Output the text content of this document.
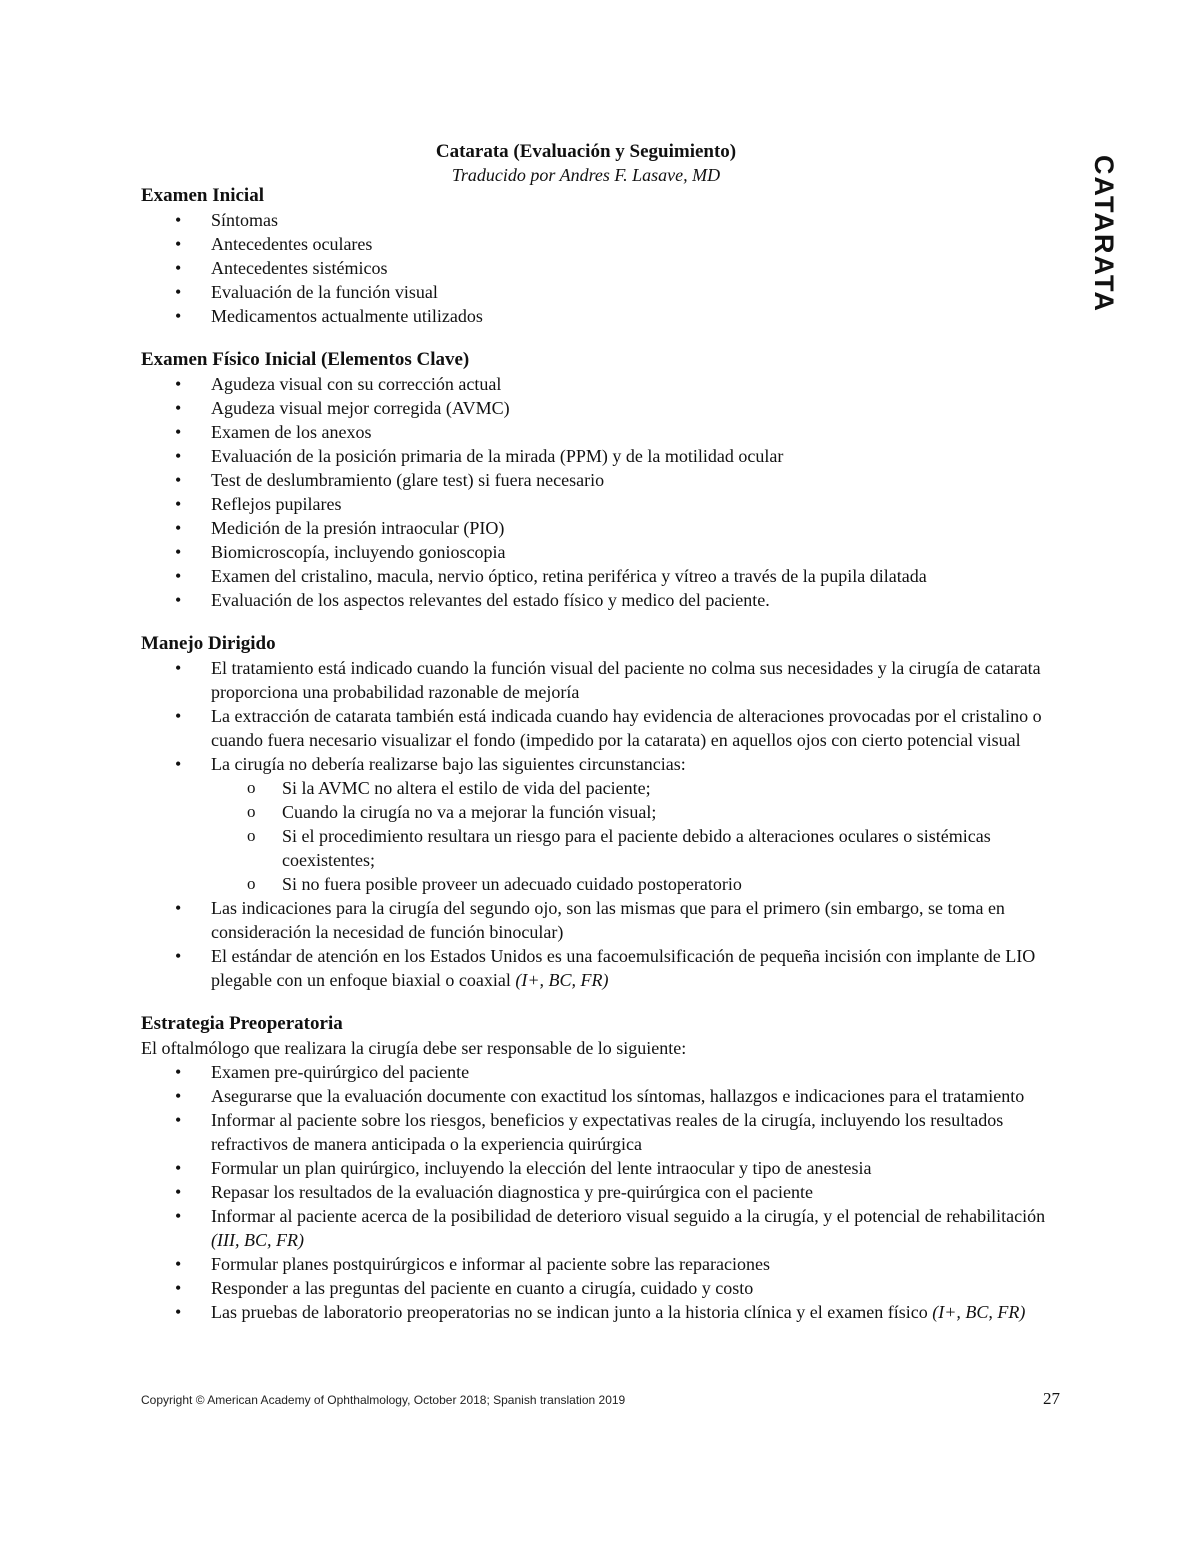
Catarata (Evaluación y Seguimiento)
Traducido por Andres F. Lasave, MD	CATARATA
Examen Inicial
• Síntomas
• Antecedentes oculares
• Antecedentes sistémicos
• Evaluación de la función visual
• Medicamentos actualmente utilizados
Examen Físico Inicial (Elementos Clave)
• Agudeza visual con su corrección actual
• Agudeza visual mejor corregida (AVMC)
• Examen de los anexos
• Evaluación de la posición primaria de la mirada (PPM) y de la motilidad ocular
• Test de deslumbramiento (glare test) si fuera necesario
• Reflejos pupilares
• Medición de la presión intraocular (PIO)
• Biomicroscopía, incluyendo gonioscopia
• Examen del cristalino, macula, nervio óptico, retina periférica y vítreo a través de la pupila dilatada
• Evaluación de los aspectos relevantes del estado físico y medico del paciente.
Manejo Dirigido
• El tratamiento está indicado cuando la función visual del paciente no colma sus necesidades y la cirugía de catarata proporciona una probabilidad razonable de mejoría
• La extracción de catarata también está indicada cuando hay evidencia de alteraciones provocadas por el cristalino o cuando fuera necesario visualizar el fondo (impedido por la catarata) en aquellos ojos con cierto potencial visual
• La cirugía no debería realizarse bajo las siguientes circunstancias:
o Si la AVMC no altera el estilo de vida del paciente;
o Cuando la cirugía no va a mejorar la función visual;
o Si el procedimiento resultara un riesgo para el paciente debido a alteraciones oculares o sistémicas coexistentes;
o Si no fuera posible proveer un adecuado cuidado postoperatorio
• Las indicaciones para la cirugía del segundo ojo, son las mismas que para el primero (sin embargo, se toma en consideración la necesidad de función binocular)
• El estándar de atención en los Estados Unidos es una facoemulsificación de pequeña incisión con implante de LIO plegable con un enfoque biaxial o coaxial (I+, BC, FR)
Estrategia Preoperatoria
El oftalmólogo que realizara la cirugía debe ser responsable de lo siguiente:
• Examen pre-quirúrgico del paciente
• Asegurarse que la evaluación documente con exactitud los síntomas, hallazgos e indicaciones para el tratamiento
• Informar al paciente sobre los riesgos, beneficios y expectativas reales de la cirugía, incluyendo los resultados refractivos de manera anticipada o la experiencia quirúrgica
• Formular un plan quirúrgico, incluyendo la elección del lente intraocular y tipo de anestesia
• Repasar los resultados de la evaluación diagnostica y pre-quirúrgica con el paciente
• Informar al paciente acerca de la posibilidad de deterioro visual seguido a la cirugía, y el potencial de rehabilitación (III, BC, FR)
• Formular planes postquirúrgicos e informar al paciente sobre las reparaciones
• Responder a las preguntas del paciente en cuanto a cirugía, cuidado y costo
• Las pruebas de laboratorio preoperatorias no se indican junto a la historia clínica y el examen físico (I+, BC, FR)
Copyright © American Academy of Ophthalmology, October 2018; Spanish translation 2019	27
